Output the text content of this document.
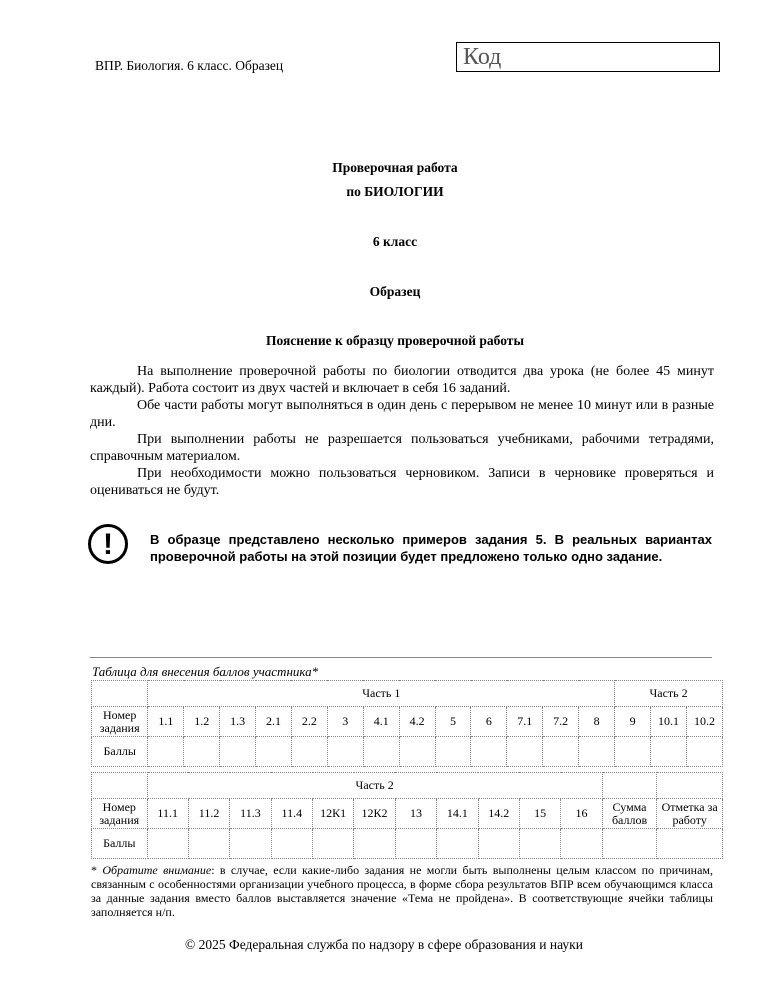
ВПР. Биология. 6 класс. Образец	Код
Проверочная работа
по БИОЛОГИИ
6 класс
Образец
Пояснение к образцу проверочной работы

На выполнение проверочной работы по биологии отводится два урока (не более 45 минут каждый). Работа состоит из двух частей и включает в себя 16 заданий.

Обе части работы могут выполняться в один день с перерывом не менее 10 минут или в разные дни.

При выполнении работы не разрешается пользоваться учебниками, рабочими тетрадями, справочным материалом.

При необходимости можно пользоваться черновиком. Записи в черновике проверяться и оцениваться не будут.

!	В образце представлено несколько примеров задания 5. В реальных вариантах проверочной работы на этой позиции будет предложено только одно задание.
Таблица для внесения баллов участника*
	Часть 1													Часть 2		
Номер задания	1.1	1.2	1.3	2.1	2.2	3	4.1	4.2	5	6	7.1	7.2	8	9	10.1	10.2
Баллы																
	Часть 2												
Номер задания	11.1	11.2	11.3	11.4	12К1	12К2	13	14.1	14.2	15	16	Сумма баллов	Отметка за работу
Баллы													
* Обратите внимание: в случае, если какие-либо задания не могли быть выполнены целым классом по причинам, связанным с особенностями организации учебного процесса, в форме сбора результатов ВПР всем обучающимся класса за данные задания вместо баллов выставляется значение «Тема не пройдена». В соответствующие ячейки таблицы заполняется н/п.
© 2025 Федеральная служба по надзору в сфере образования и науки
